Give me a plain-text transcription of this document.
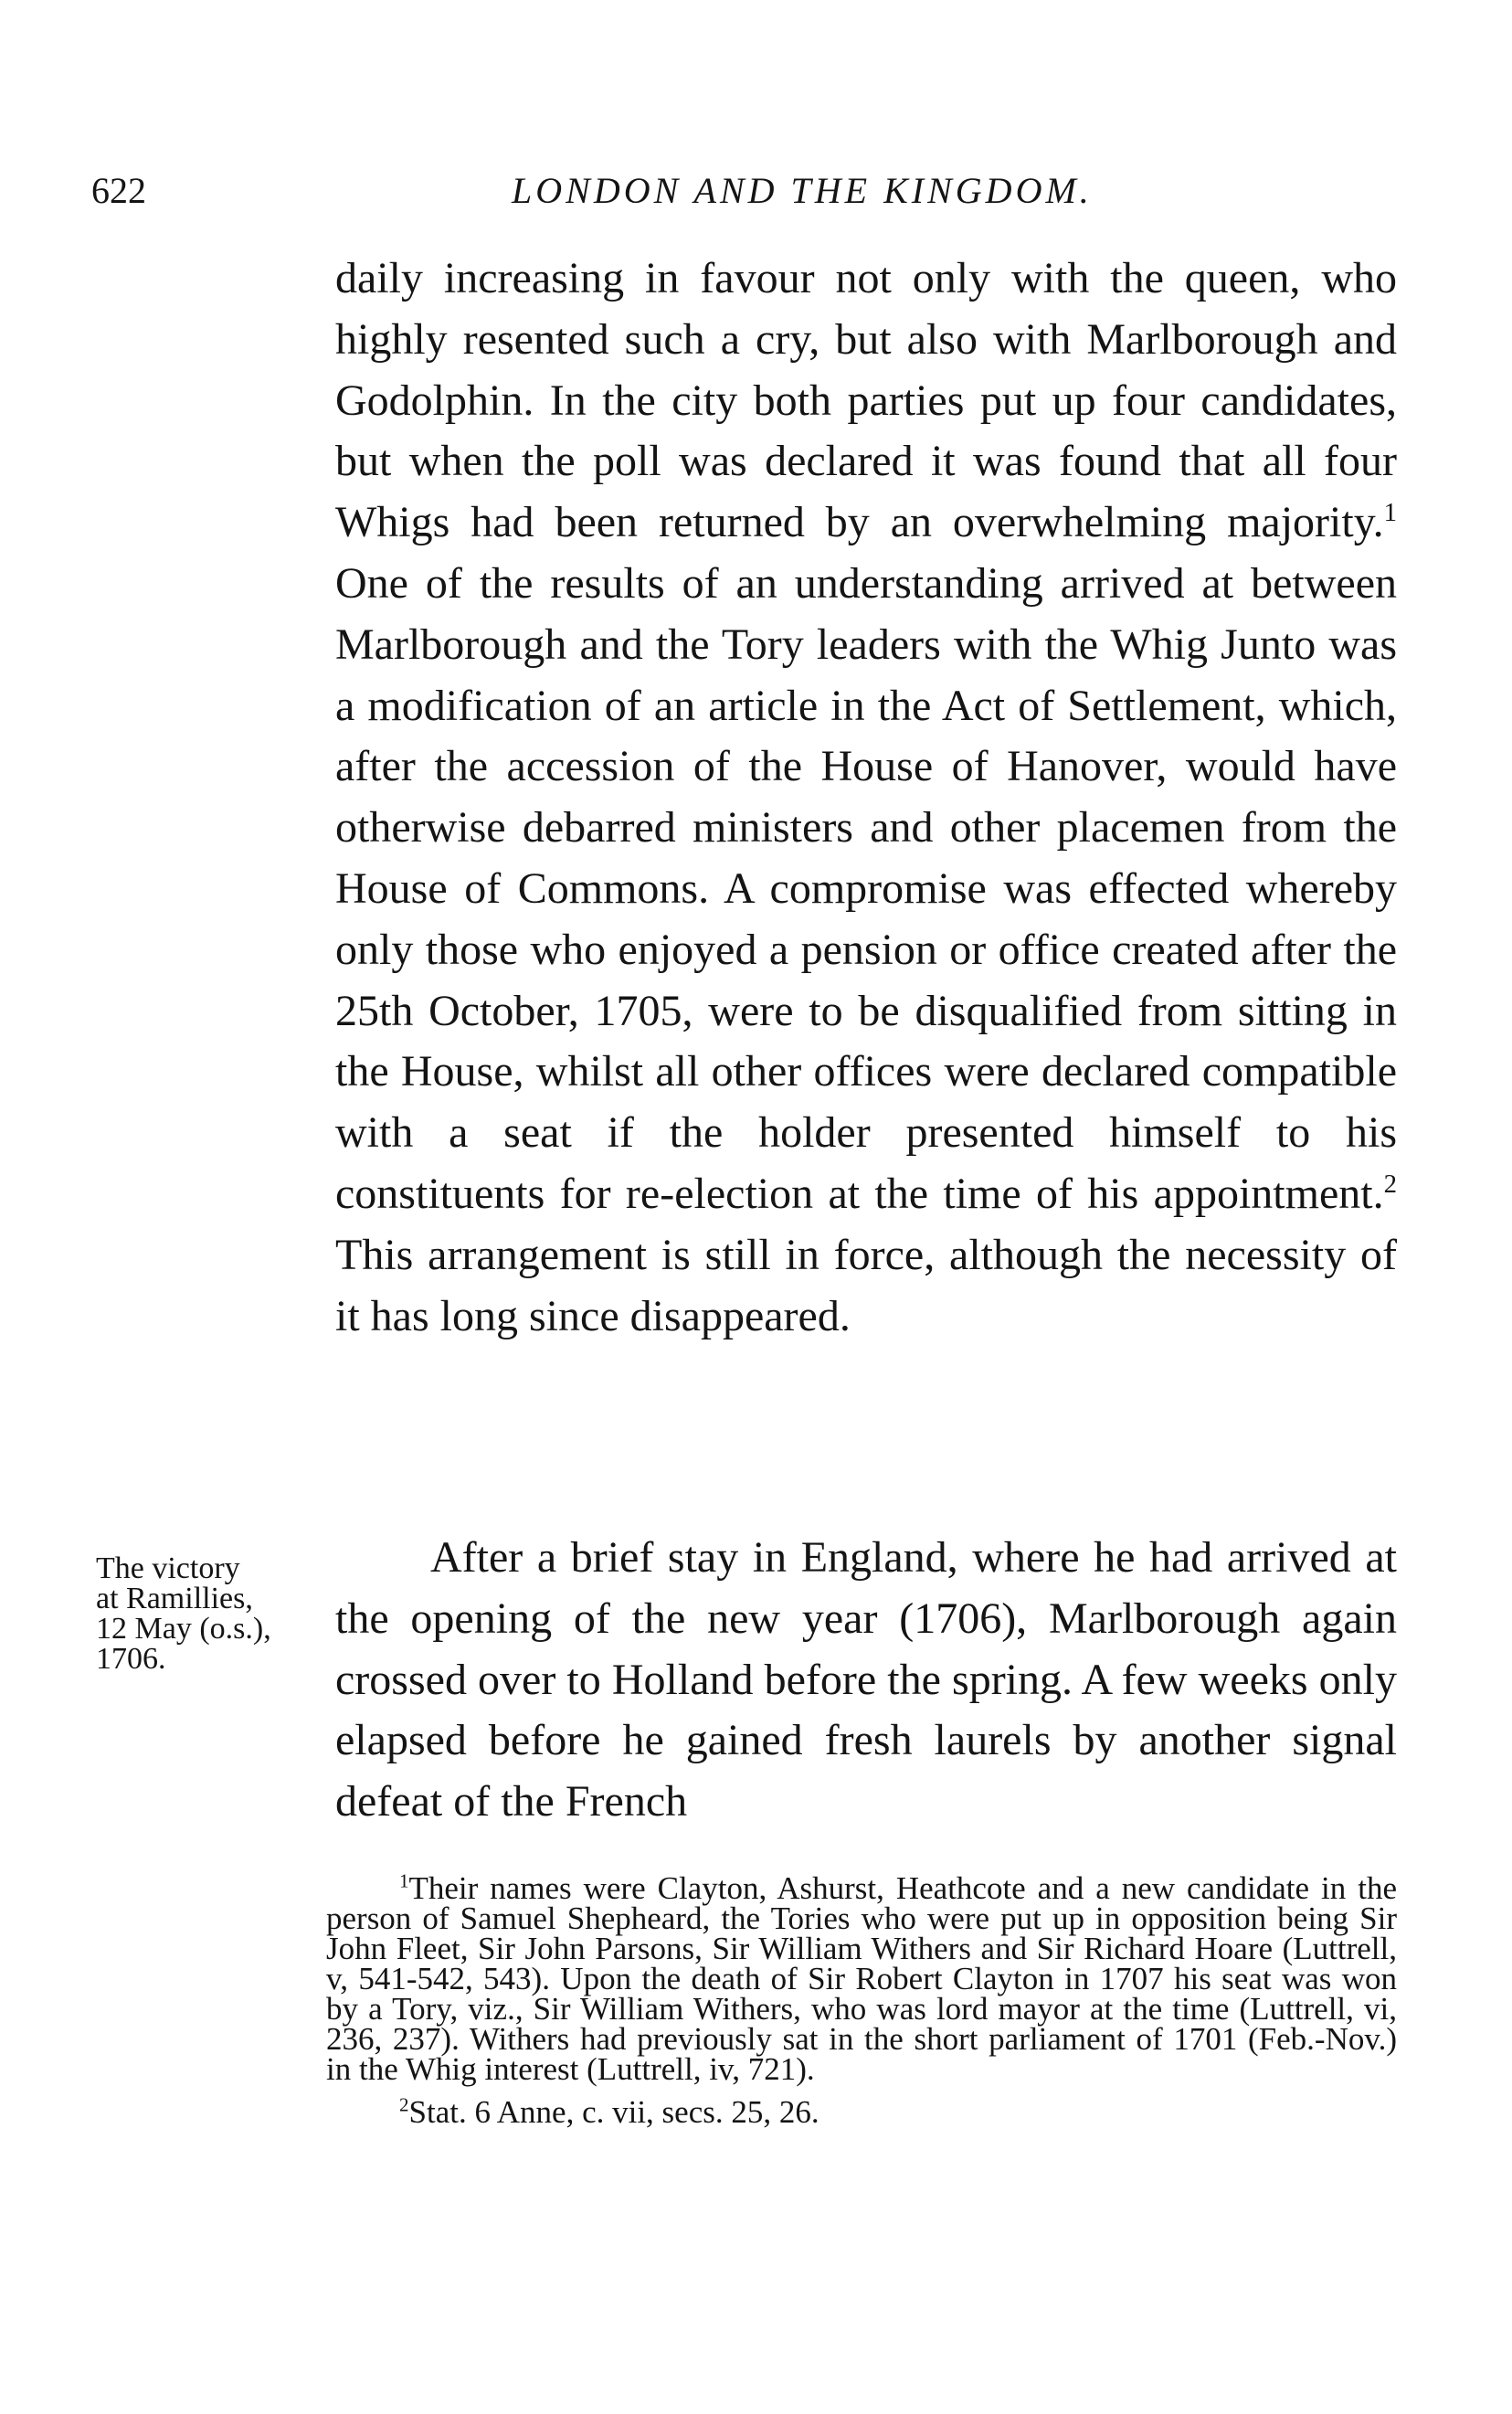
622	LONDON AND THE KINGDOM.

daily increasing in favour not only with the queen, who highly resented such a cry, but also with Marlborough and Godolphin. In the city both parties put up four candidates, but when the poll was declared it was found that all four Whigs had been returned by an overwhelming majority.$^1$ One of the results of an understanding arrived at between Marlborough and the Tory leaders with the Whig Junto was a modification of an article in the Act of Settlement, which, after the accession of the House of Hanover, would have otherwise debarred ministers and other placemen from the House of Commons. A compromise was effected whereby only those who enjoyed a pension or office created after the 25th October, 1705, were to be disqualified from sitting in the House, whilst all other offices were declared compatible with a seat if the holder presented himself to his constituents for re-election at the time of his appointment.$^2$ This arrangement is still in force, although the necessity of it has long since disappeared.

The victory
at Ramillies,
12 May (o.s.),
1706.

After a brief stay in England, where he had arrived at the opening of the new year (1706), Marlborough again crossed over to Holland before the spring. A few weeks only elapsed before he gained fresh laurels by another signal defeat of the French

$^1$Their names were Clayton, Ashurst, Heathcote and a new candidate in the person of Samuel Shepheard, the Tories who were put up in opposition being Sir John Fleet, Sir John Parsons, Sir William Withers and Sir Richard Hoare (Luttrell, v, 541-542, 543). Upon the death of Sir Robert Clayton in 1707 his seat was won by a Tory, viz., Sir William Withers, who was lord mayor at the time (Luttrell, vi, 236, 237). Withers had previously sat in the short parliament of 1701 (Feb.-Nov.) in the Whig interest (Luttrell, iv, 721).

$^2$Stat. 6 Anne, c. vii, secs. 25, 26.
